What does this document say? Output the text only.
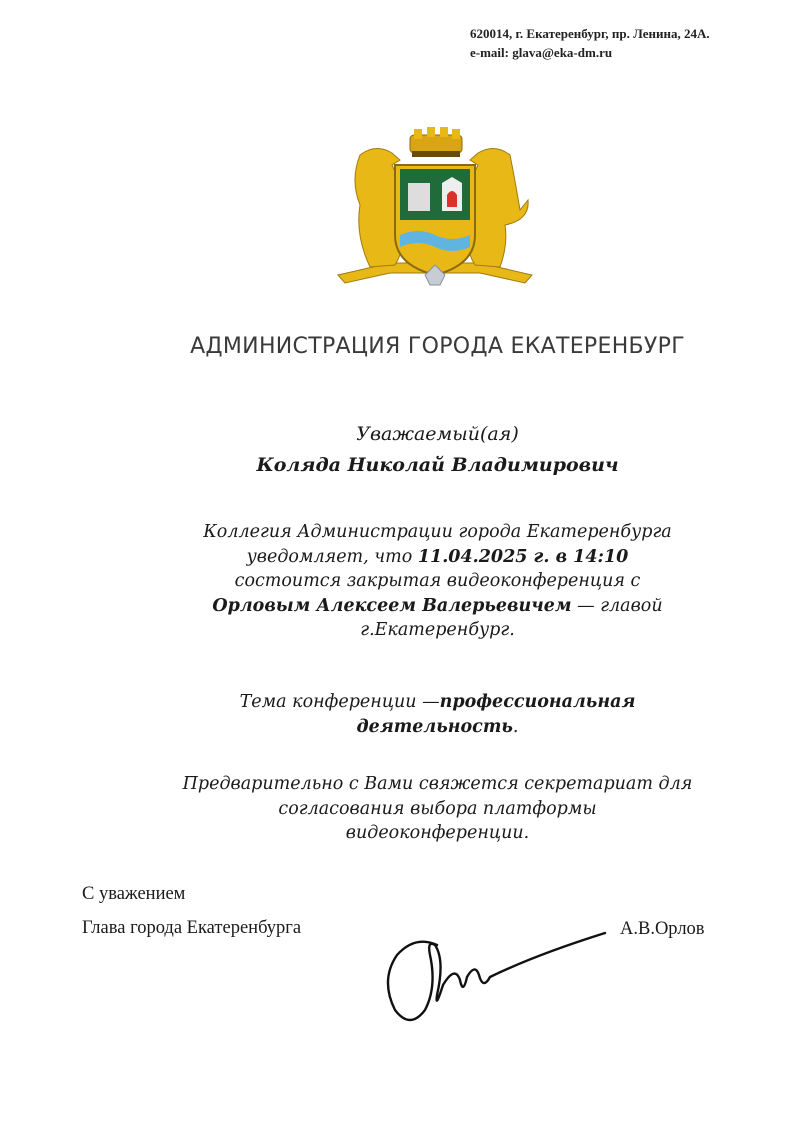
620014, г. Екатеренбург, пр. Ленина, 24А.
e-mail: glava@eka-dm.ru
АДМИНИСТРАЦИЯ ГОРОДА ЕКАТЕРЕНБУРГ
Уважаемый(ая)
Коляда Николай Владимирович
Коллегия Администрации города Екатеренбурга
уведомляет, что 11.04.2025 г. в 14:10
состоится закрытая видеоконференция с
Орловым Алексеем Валерьевичем — главой
г.Екатеренбург.
Тема конференции —профессиональная
деятельность.
Предварительно с Вами свяжется секретариат для
согласования выбора платформы
видеоконференции.
С уважением
Глава города Екатеренбурга	А.В.Орлов
